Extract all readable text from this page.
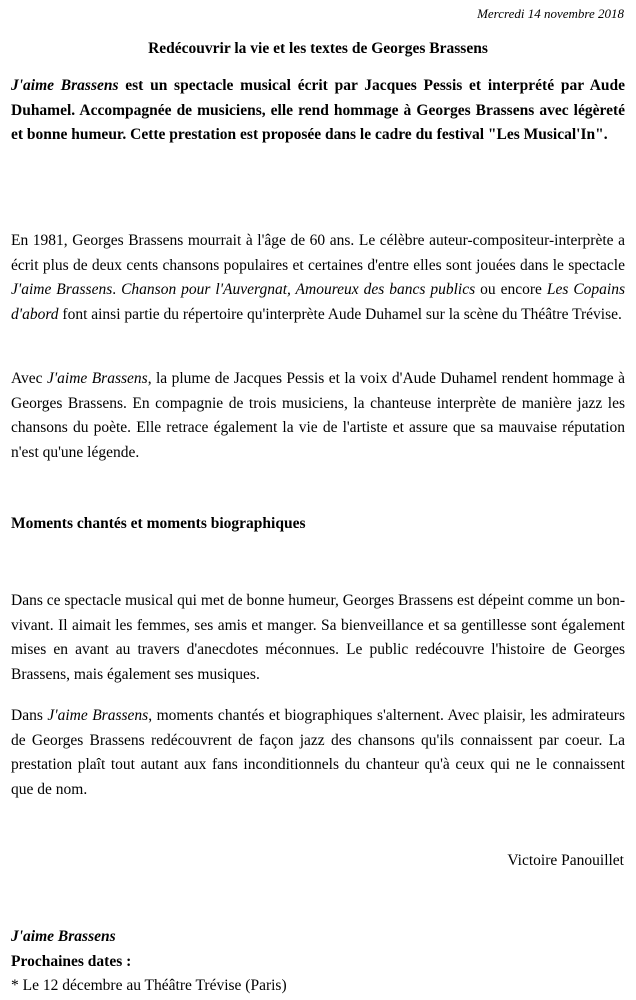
Mercredi 14 novembre 2018
Redécouvrir la vie et les textes de Georges Brassens
J'aime Brassens est un spectacle musical écrit par Jacques Pessis et interprété par Aude Duhamel. Accompagnée de musiciens, elle rend hommage à Georges Brassens avec légèreté et bonne humeur. Cette prestation est proposée dans le cadre du festival "Les Musical'In".
En 1981, Georges Brassens mourrait à l'âge de 60 ans. Le célèbre auteur-compositeur-interprète a écrit plus de deux cents chansons populaires et certaines d'entre elles sont jouées dans le spectacle J'aime Brassens. Chanson pour l'Auvergnat, Amoureux des bancs publics ou encore Les Copains d'abord font ainsi partie du répertoire qu'interprète Aude Duhamel sur la scène du Théâtre Trévise.
Avec J'aime Brassens, la plume de Jacques Pessis et la voix d'Aude Duhamel rendent hommage à Georges Brassens. En compagnie de trois musiciens, la chanteuse interprète de manière jazz les chansons du poète. Elle retrace également la vie de l'artiste et assure que sa mauvaise réputation n'est qu'une légende.
Moments chantés et moments biographiques
Dans ce spectacle musical qui met de bonne humeur, Georges Brassens est dépeint comme un bon-vivant. Il aimait les femmes, ses amis et manger. Sa bienveillance et sa gentillesse sont également mises en avant au travers d'anecdotes méconnues. Le public redécouvre l'histoire de Georges Brassens, mais également ses musiques.
Dans J'aime Brassens, moments chantés et biographiques s'alternent. Avec plaisir, les admirateurs de Georges Brassens redécouvrent de façon jazz des chansons qu'ils connaissent par coeur. La prestation plaît tout autant aux fans inconditionnels du chanteur qu'à ceux qui ne le connaissent que de nom.
Victoire Panouillet
J'aime Brassens
Prochaines dates :
* Le 12 décembre au Théâtre Trévise (Paris)
